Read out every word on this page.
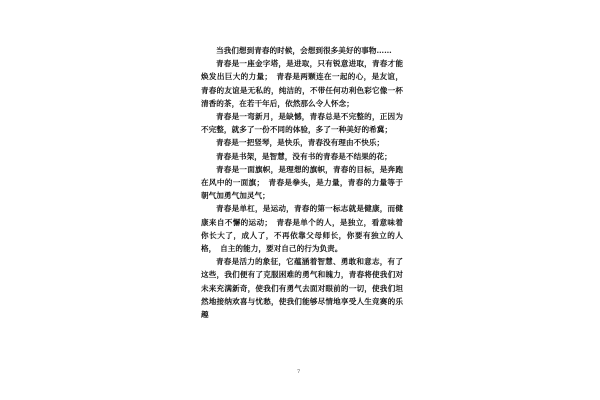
当我们想到青春的时候，会想到很多美好的事物……

青春是一座金字塔，是进取，只有锐意进取，青春才能焕发出巨大的力量；　青春是两颗连在一起的心，是友谊，青春的友谊是无私的，纯洁的，不带任何功利色彩它像一杯清香的茶，在若干年后，依然那么令人怀念；

青春是一弯新月，是缺憾，青春总是不完整的，正因为不完整，就多了一份不同的体验，多了一种美好的希冀；

青春是一把竖琴，是快乐，青春没有理由不快乐；

青春是书架，是智慧，没有书的青春是不结果的花；

青春是一面旗帜，是理想的旗帜，青春的目标，是奔跑在风中的一面旗；　青春是拳头，是力量，青春的力量等于朝气加勇气加灵气；

青春是单杠，是运动，青春的第一标志就是健康，而健康来自不懈的运动；　青春是单个的人，是独立，看意味着你长大了，成人了，不再依靠父母师长，你要有独立的人格，　自主的能力，要对自己的行为负责。

青春是活力的象征，它蕴涵着智慧、勇敢和意志，有了这些，我们便有了克服困难的勇气和魄力，青春将使我们对未来充满新奇，使我们有勇气去面对眼前的一切，使我们坦然地接纳欢喜与忧愁，使我们能够尽情地享受人生竞赛的乐趣

7
